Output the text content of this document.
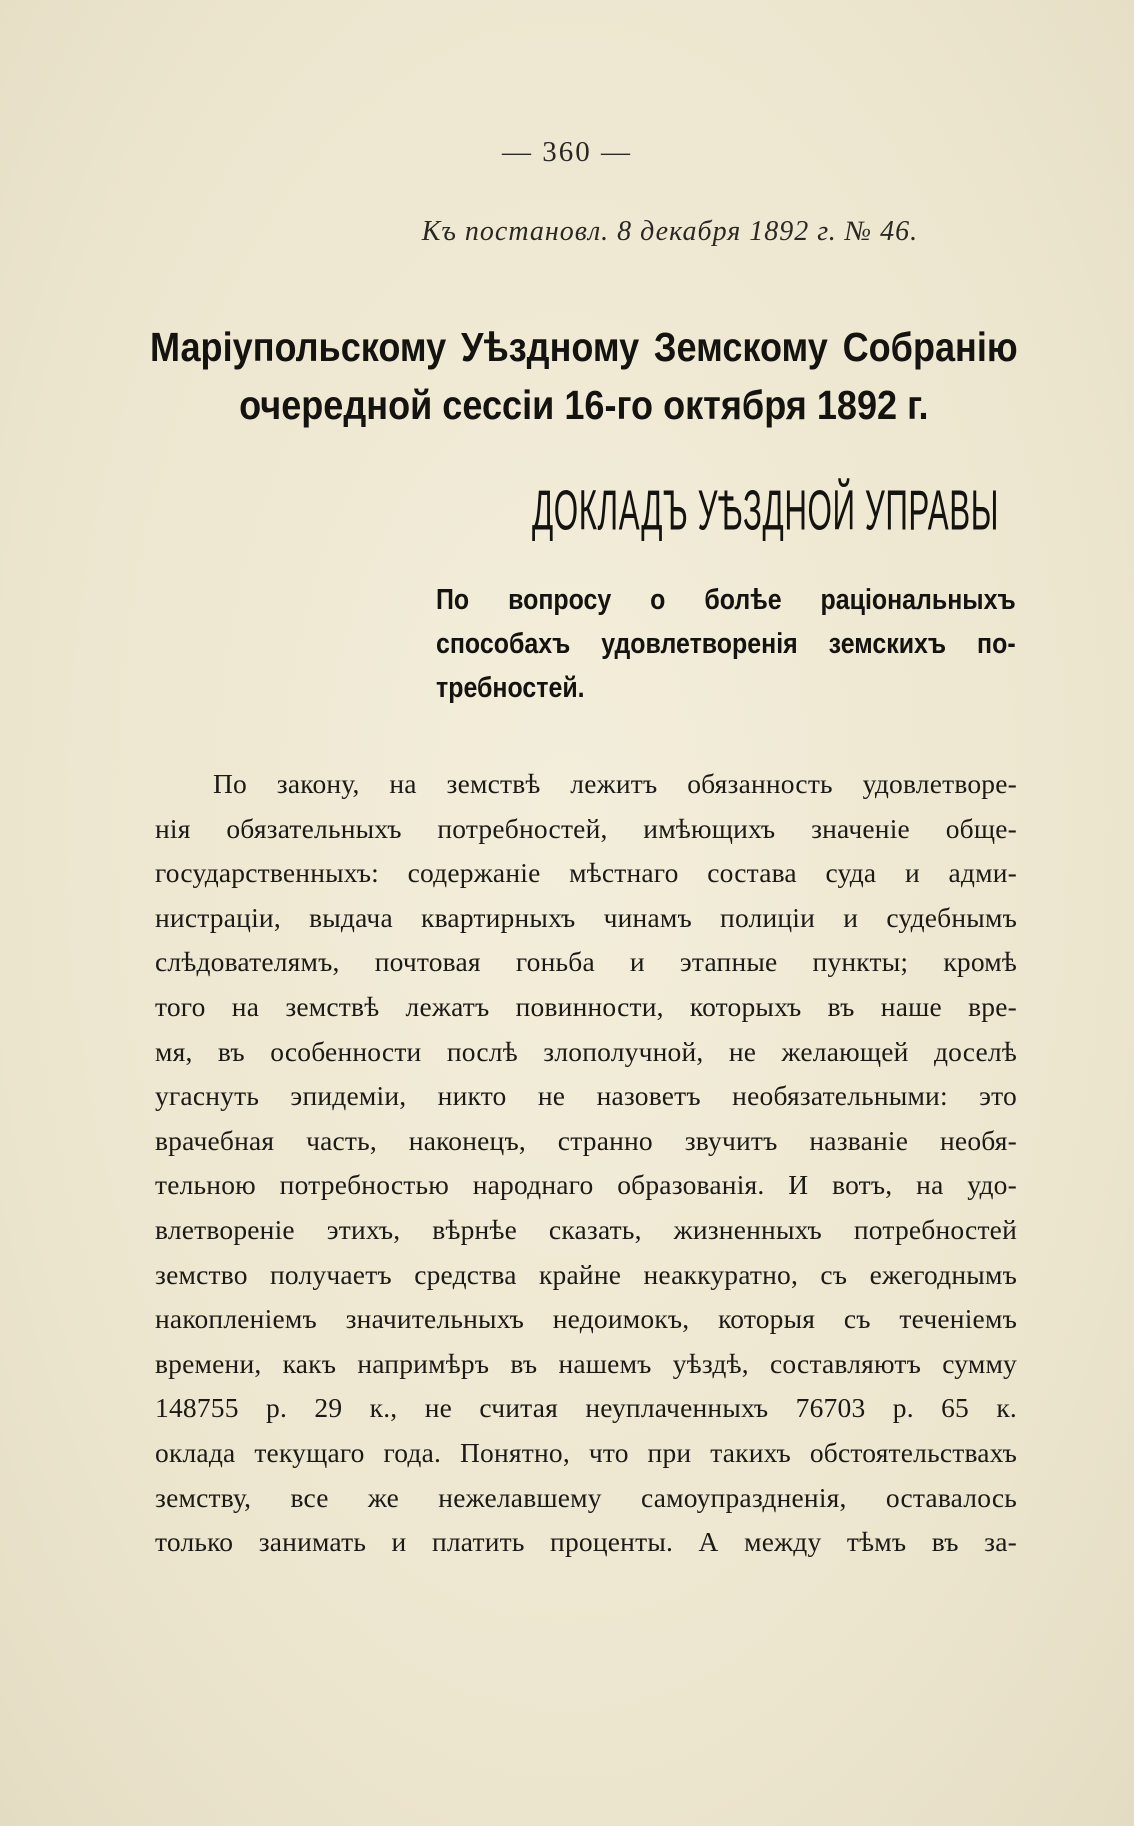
— 360 —
Къ постановл. 8 декабря 1892 г. № 46.
Маріупольскому Уѣздному Земскому Собранію
очередной сессіи 16-го октября 1892 г.
ДОКЛАДЪ УѢЗДНОЙ УПРАВЫ
По вопросу о болѣе раціональныхъ
способахъ удовлетворенія земскихъ по-
требностей.
По закону, на земствѣ лежитъ обязанность удовлетворе-
нія обязательныхъ потребностей, имѣющихъ значеніе обще-
государственныхъ: содержаніе мѣстнаго состава суда и адми-
нистраціи, выдача квартирныхъ чинамъ полиціи и судебнымъ
слѣдователямъ, почтовая гоньба и этапные пункты; кромѣ
того на земствѣ лежатъ повинности, которыхъ въ наше вре-
мя, въ особенности послѣ злополучной, не желающей доселѣ
угаснуть эпидеміи, никто не назоветъ необязательными: это
врачебная часть, наконецъ, странно звучитъ названіе необя-
тельною потребностью народнаго образованія. И вотъ, на удо-
влетвореніе этихъ, вѣрнѣе сказать, жизненныхъ потребностей
земство получаетъ средства крайне неаккуратно, съ ежегоднымъ
накопленіемъ значительныхъ недоимокъ, которыя съ теченіемъ
времени, какъ напримѣръ въ нашемъ уѣздѣ, составляютъ сумму
148755 р. 29 к., не считая неуплаченныхъ 76703 р. 65 к.
оклада текущаго года. Понятно, что при такихъ обстоятельствахъ
земству, все же нежелавшему самоупраздненія, оставалось
только занимать и платить проценты. А между тѣмъ въ за-
